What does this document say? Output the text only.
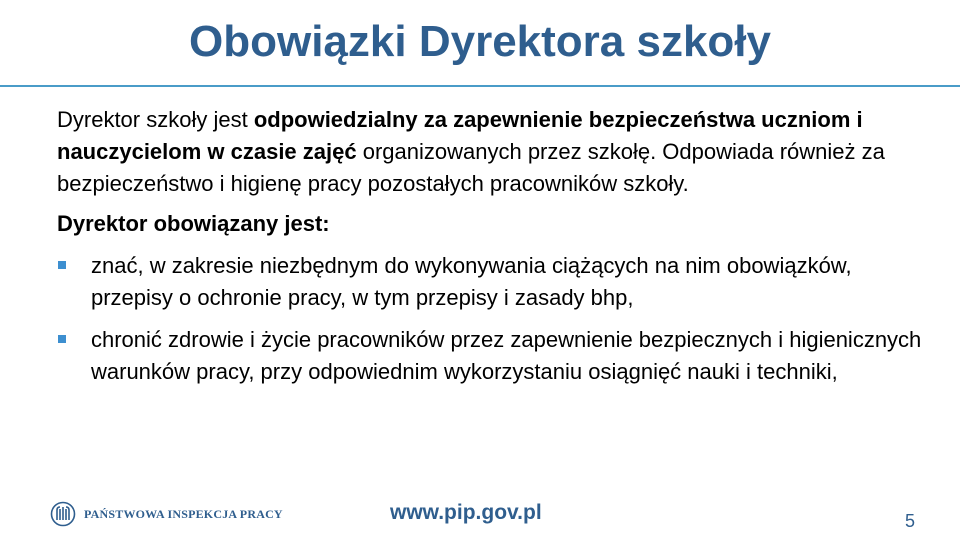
Obowiązki Dyrektora szkoły

Dyrektor szkoły jest odpowiedzialny za zapewnienie bezpieczeństwa uczniom i nauczycielom w czasie zajęć organizowanych przez szkołę. Odpowiada również za bezpieczeństwo i higienę pracy pozostałych pracowników szkoły.

Dyrektor obowiązany jest:

znać, w zakresie niezbędnym do wykonywania ciążących na nim obowiązków, przepisy o ochronie pracy, w tym przepisy i zasady bhp,
chronić zdrowie i życie pracowników przez zapewnienie bezpiecznych i higienicznych warunków pracy, przy odpowiednim wykorzystaniu osiągnięć nauki i techniki,
PAŃSTWOWA INSPEKCJA PRACY	www.pip.gov.pl	5
